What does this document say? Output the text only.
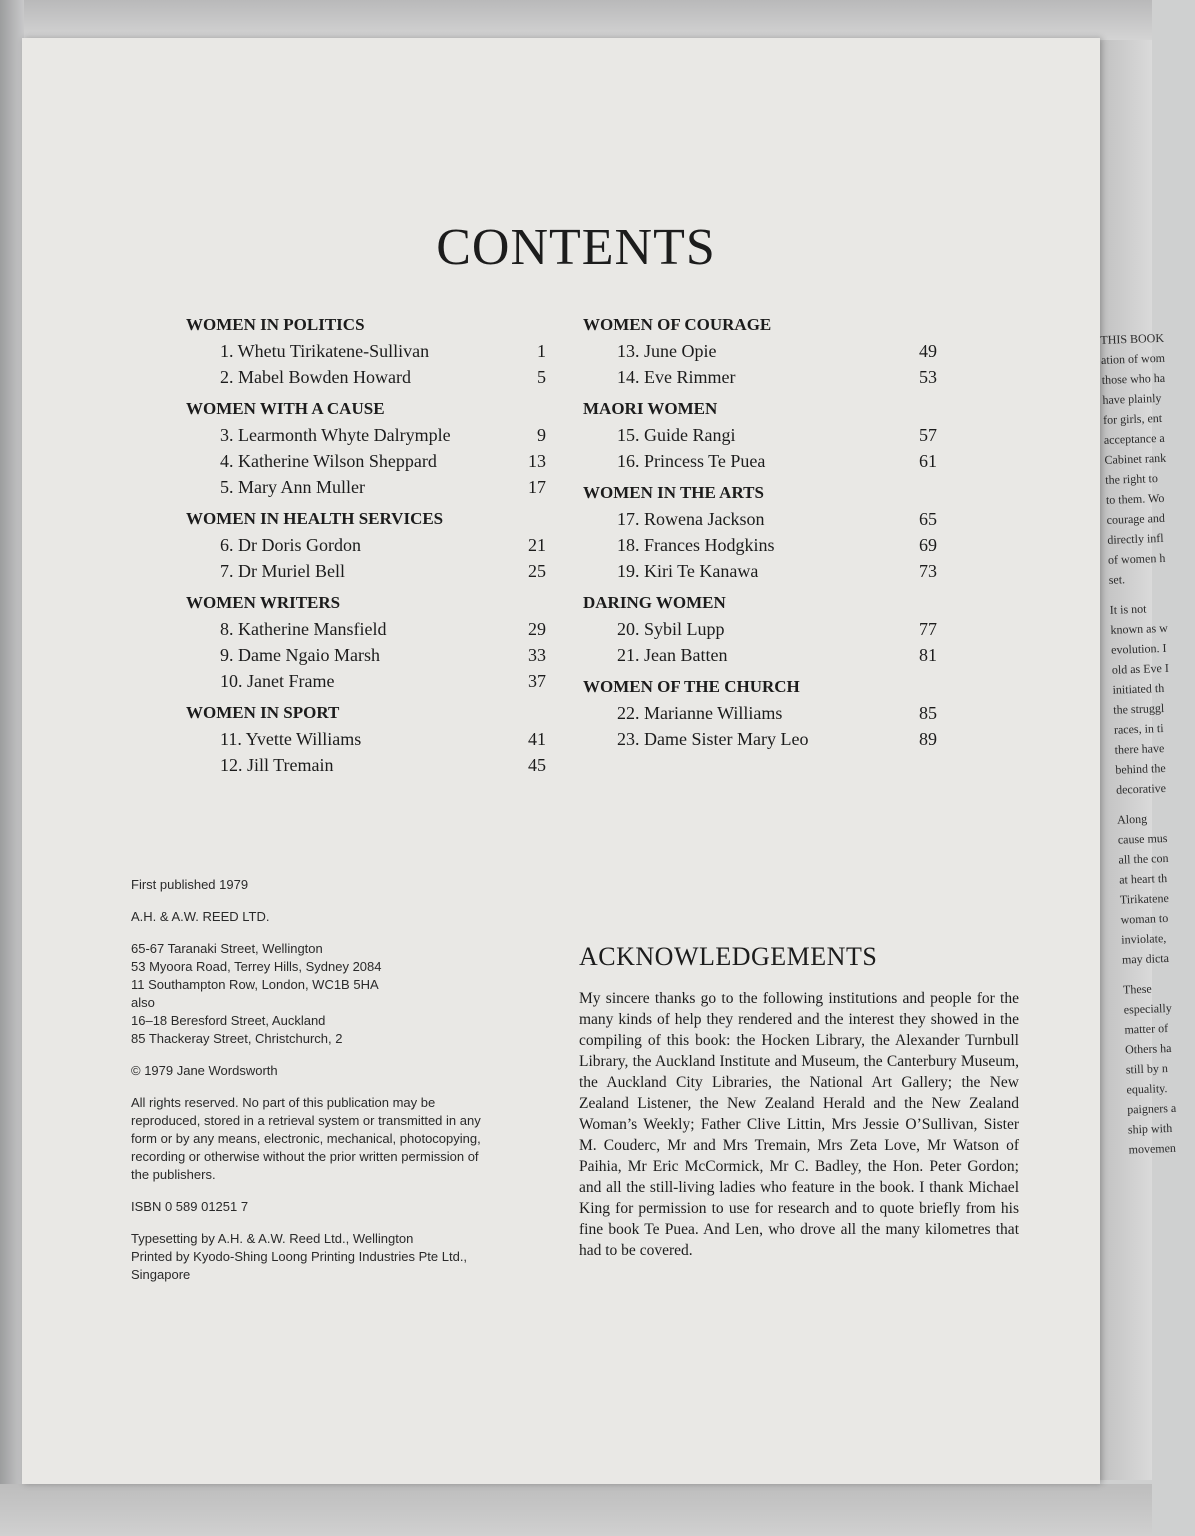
THIS BOOK
ation of wom
those who ha
have plainly
for girls, ent
acceptance a
Cabinet rank
the right to
to them. Wo
courage and
directly infl
of women h
set.
It is not
known as w
evolution. I
old as Eve I
initiated th
the struggl
races, in ti
there have
behind the
decorative
Along
cause mus
all the con
at heart th
Tirikatene
woman to
inviolate,
may dicta
These
especially
matter of
Others ha
still by n
equality.
paigners a
ship with
movemen
CONTENTS
WOMEN IN POLITICS
1. Whetu Tirikatene-Sullivan	1
2. Mabel Bowden Howard	5
WOMEN WITH A CAUSE
3. Learmonth Whyte Dalrymple	9
4. Katherine Wilson Sheppard	13
5. Mary Ann Muller	17
WOMEN IN HEALTH SERVICES
6. Dr Doris Gordon	21
7. Dr Muriel Bell	25
WOMEN WRITERS
8. Katherine Mansfield	29
9. Dame Ngaio Marsh	33
10. Janet Frame	37
WOMEN IN SPORT
11. Yvette Williams	41
12. Jill Tremain	45
WOMEN OF COURAGE
13. June Opie	49
14. Eve Rimmer	53
MAORI WOMEN
15. Guide Rangi	57
16. Princess Te Puea	61
WOMEN IN THE ARTS
17. Rowena Jackson	65
18. Frances Hodgkins	69
19. Kiri Te Kanawa	73
DARING WOMEN
20. Sybil Lupp	77
21. Jean Batten	81
WOMEN OF THE CHURCH
22. Marianne Williams	85
23. Dame Sister Mary Leo	89

First published 1979

A.H. & A.W. REED LTD.

65-67 Taranaki Street, Wellington
53 Myoora Road, Terrey Hills, Sydney 2084
11 Southampton Row, London, WC1B 5HA
also
16–18 Beresford Street, Auckland
85 Thackeray Street, Christchurch, 2

© 1979 Jane Wordsworth

All rights reserved. No part of this publication may be reproduced, stored in a retrieval system or transmitted in any form or by any means, electronic, mechanical, photocopying, recording or otherwise without the prior written permission of the publishers.

ISBN 0 589 01251 7

Typesetting by A.H. & A.W. Reed Ltd., Wellington
Printed by Kyodo-Shing Loong Printing Industries Pte Ltd., Singapore

ACKNOWLEDGEMENTS

My sincere thanks go to the following institutions and people for the many kinds of help they rendered and the interest they showed in the compiling of this book: the Hocken Library, the Alexander Turnbull Library, the Auckland Institute and Museum, the Canterbury Museum, the Auckland City Libraries, the National Art Gallery; the New Zealand Listener, the New Zealand Herald and the New Zealand Woman’s Weekly; Father Clive Littin, Mrs Jessie O’Sullivan, Sister M. Couderc, Mr and Mrs Tremain, Mrs Zeta Love, Mr Watson of Paihia, Mr Eric McCormick, Mr C. Badley, the Hon. Peter Gordon; and all the still-living ladies who feature in the book. I thank Michael King for permission to use for research and to quote briefly from his fine book Te Puea. And Len, who drove all the many kilometres that had to be covered.
